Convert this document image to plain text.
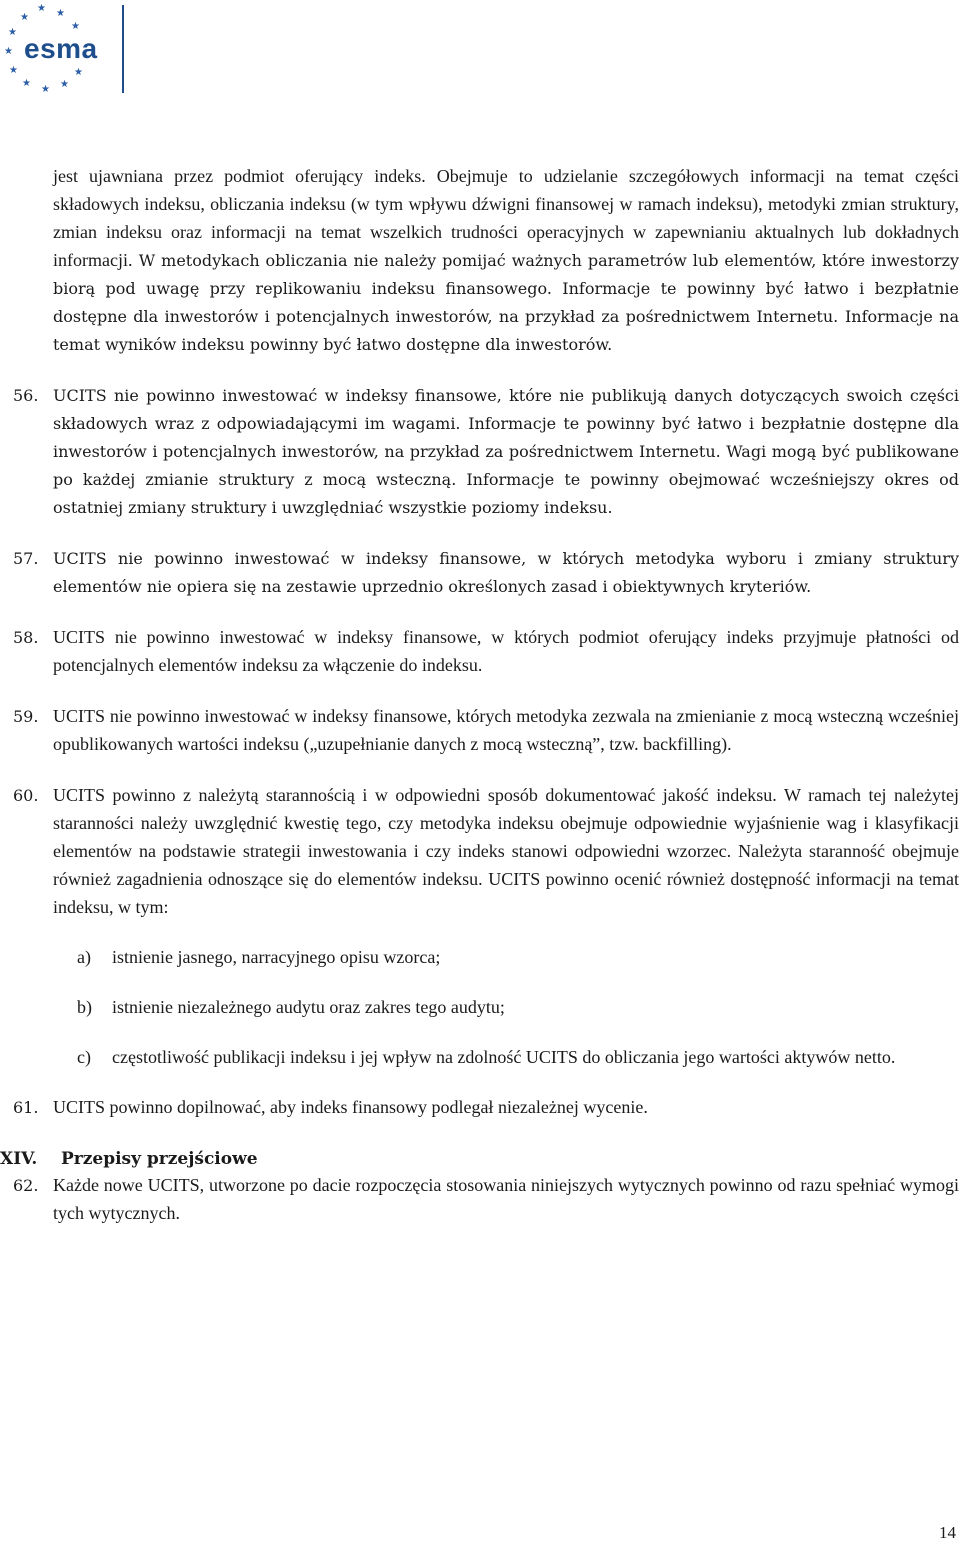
★ ★
★
★
★
★
★
★
★ ★
★
esma

jest ujawniana przez podmiot oferujący indeks. Obejmuje to udzielanie szczegółowych informacji na temat części składowych indeksu, obliczania indeksu (w tym wpływu dźwigni finansowej w ramach indeksu), metodyki zmian struktury, zmian indeksu oraz informacji na temat wszelkich trudności operacyjnych w zapewnianiu aktualnych lub dokładnych informacji. W metodykach obliczania nie należy pomijać ważnych parametrów lub elementów, które inwestorzy biorą pod uwagę przy replikowaniu indeksu finansowego. Informacje te powinny być łatwo i bezpłatnie dostępne dla inwestorów i potencjalnych inwestorów, na przykład za pośrednictwem Internetu. Informacje na temat wyników indeksu powinny być łatwo dostępne dla inwestorów.

56. UCITS nie powinno inwestować w indeksy finansowe, które nie publikują danych dotyczących swoich części składowych wraz z odpowiadającymi im wagami. Informacje te powinny być łatwo i bezpłatnie dostępne dla inwestorów i potencjalnych inwestorów, na przykład za pośrednictwem Internetu. Wagi mogą być publikowane po każdej zmianie struktury z mocą wsteczną. Informacje te powinny obejmować wcześniejszy okres od ostatniej zmiany struktury i uwzględniać wszystkie poziomy indeksu.

57. UCITS nie powinno inwestować w indeksy finansowe, w których metodyka wyboru i zmiany struktury elementów nie opiera się na zestawie uprzednio określonych zasad i obiektywnych kryteriów.

58. UCITS nie powinno inwestować w indeksy finansowe, w których podmiot oferujący indeks przyjmuje płatności od potencjalnych elementów indeksu za włączenie do indeksu.

59. UCITS nie powinno inwestować w indeksy finansowe, których metodyka zezwala na zmienianie z mocą wsteczną wcześniej opublikowanych wartości indeksu („uzupełnianie danych z mocą wsteczną”, tzw. backfilling).

60. UCITS powinno z należytą starannością i w odpowiedni sposób dokumentować jakość indeksu. W ramach tej należytej staranności należy uwzględnić kwestię tego, czy metodyka indeksu obejmuje odpowiednie wyjaśnienie wag i klasyfikacji elementów na podstawie strategii inwestowania i czy indeks stanowi odpowiedni wzorzec. Należyta staranność obejmuje również zagadnienia odnoszące się do elementów indeksu. UCITS powinno ocenić również dostępność informacji na temat indeksu, w tym:

a) istnienie jasnego, narracyjnego opisu wzorca;
b) istnienie niezależnego audytu oraz zakres tego audytu;
c) częstotliwość publikacji indeksu i jej wpływ na zdolność UCITS do obliczania jego wartości aktywów netto.
61. UCITS powinno dopilnować, aby indeks finansowy podlegał niezależnej wycenie.

XIV. Przepisy przejściowe
62. Każde nowe UCITS, utworzone po dacie rozpoczęcia stosowania niniejszych wytycznych powinno od razu spełniać wymogi tych wytycznych.

14
